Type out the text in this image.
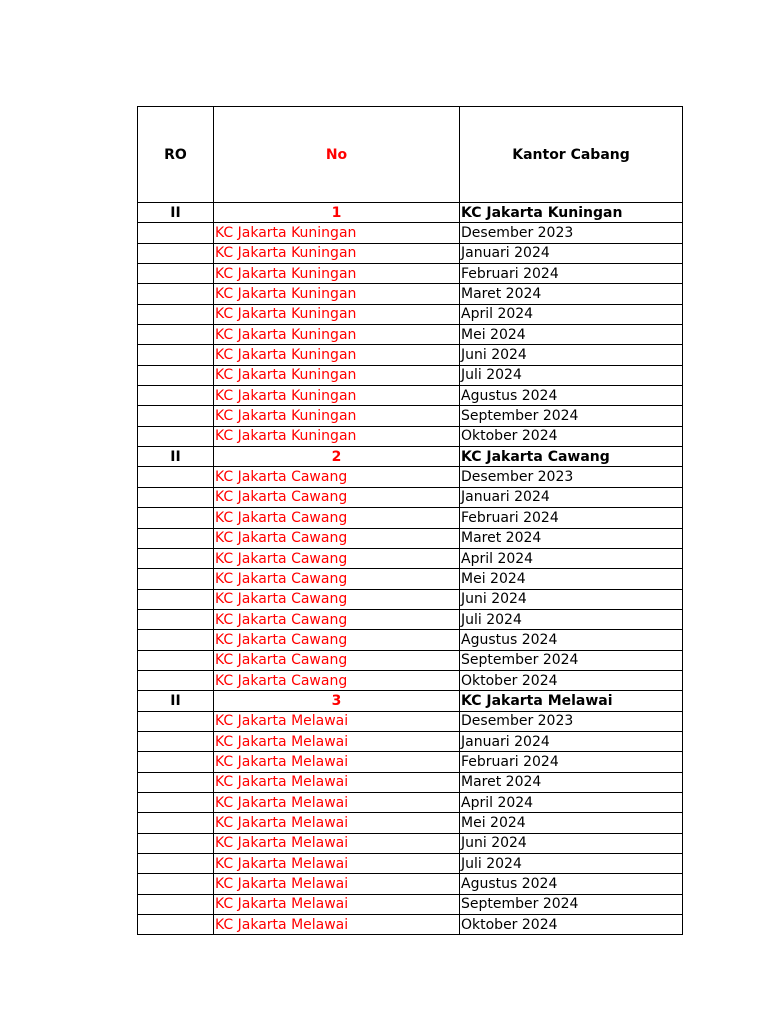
RO	No	Kantor Cabang
II	1	KC Jakarta Kuningan
	KC Jakarta Kuningan	Desember 2023
	KC Jakarta Kuningan	Januari 2024
	KC Jakarta Kuningan	Februari 2024
	KC Jakarta Kuningan	Maret 2024
	KC Jakarta Kuningan	April 2024
	KC Jakarta Kuningan	Mei 2024
	KC Jakarta Kuningan	Juni 2024
	KC Jakarta Kuningan	Juli 2024
	KC Jakarta Kuningan	Agustus 2024
	KC Jakarta Kuningan	September 2024
	KC Jakarta Kuningan	Oktober 2024
II	2	KC Jakarta Cawang
	KC Jakarta Cawang	Desember 2023
	KC Jakarta Cawang	Januari 2024
	KC Jakarta Cawang	Februari 2024
	KC Jakarta Cawang	Maret 2024
	KC Jakarta Cawang	April 2024
	KC Jakarta Cawang	Mei 2024
	KC Jakarta Cawang	Juni 2024
	KC Jakarta Cawang	Juli 2024
	KC Jakarta Cawang	Agustus 2024
	KC Jakarta Cawang	September 2024
	KC Jakarta Cawang	Oktober 2024
II	3	KC Jakarta Melawai
	KC Jakarta Melawai	Desember 2023
	KC Jakarta Melawai	Januari 2024
	KC Jakarta Melawai	Februari 2024
	KC Jakarta Melawai	Maret 2024
	KC Jakarta Melawai	April 2024
	KC Jakarta Melawai	Mei 2024
	KC Jakarta Melawai	Juni 2024
	KC Jakarta Melawai	Juli 2024
	KC Jakarta Melawai	Agustus 2024
	KC Jakarta Melawai	September 2024
	KC Jakarta Melawai	Oktober 2024
